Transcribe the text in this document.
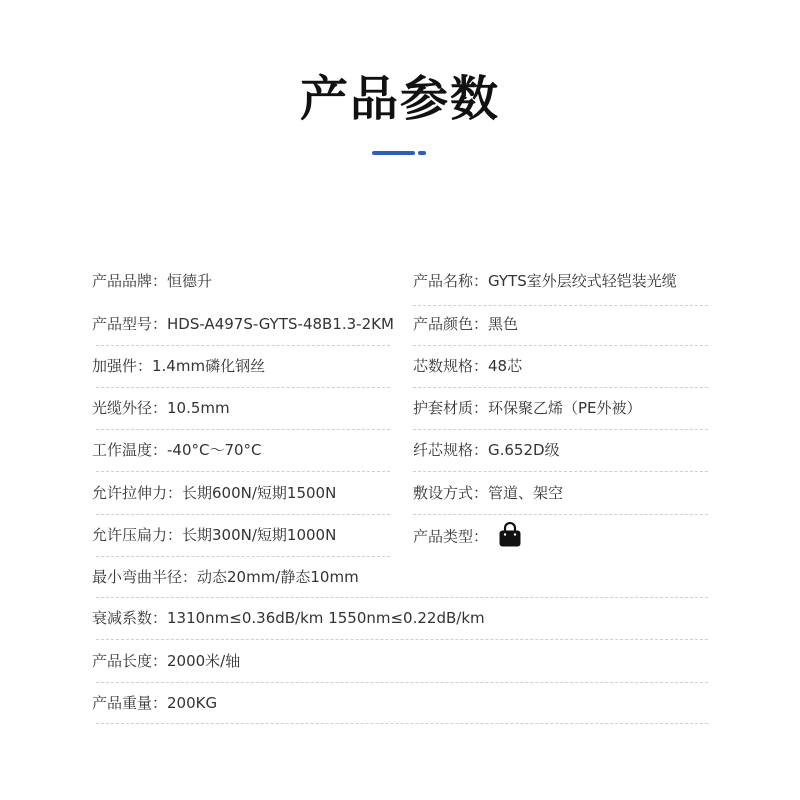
产品参数
产品品牌：恒德升	产品名称：GYTS室外层绞式轻铠装光缆
产品型号：HDS-A497S-GYTS-48B1.3-2KM 产品颜色：黑色
加强件：1.4mm磷化钢丝	芯数规格：48芯
光缆外径：10.5mm	护套材质：环保聚乙烯（PE外被）
工作温度：-40°C～70°C	纤芯规格：G.652D级
允许拉伸力：长期600N/短期1500N	敷设方式：管道、架空
允许压扁力：长期300N/短期1000N	产品类型：
最小弯曲半径：动态20mm/静态10mm
衰减系数：1310nm≤0.36dB/km 1550nm≤0.22dB/km
产品长度：2000米/轴
产品重量：200KG
